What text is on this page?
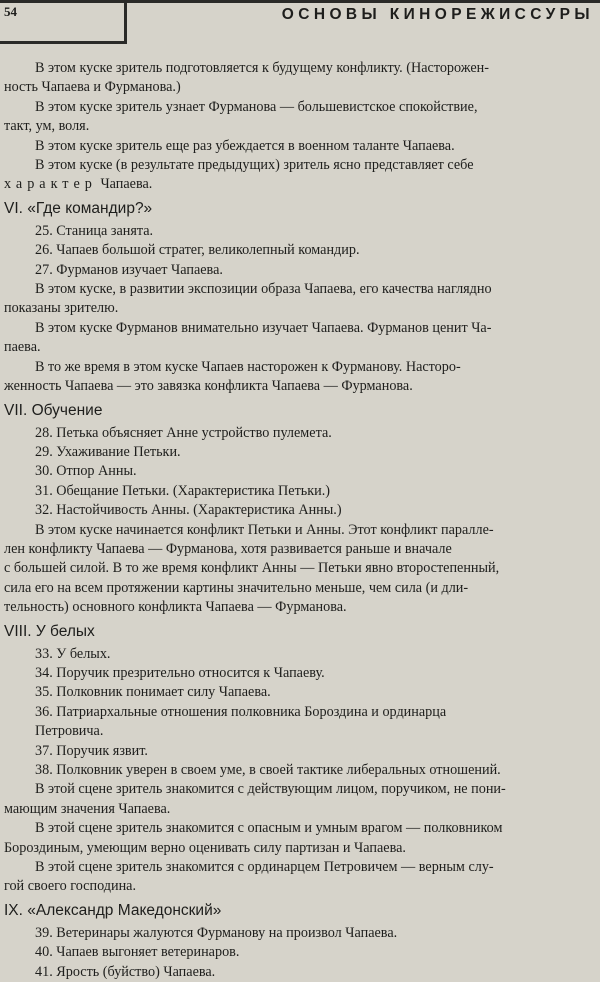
54	ОСНОВЫ КИНОРЕЖИССУРЫ

В этом куске зритель подготовляется к будущему конфликту. (Насторожен-
ность Чапаева и Фурманова.)

В этом куске зритель узнает Фурманова — большевистское спокойствие,
такт, ум, воля.

В этом куске зритель еще раз убеждается в военном таланте Чапаева.

В этом куске (в результате предыдущих) зритель ясно представляет себе
характер Чапаева.

VI. «Где командир?»

25. Станица занята.

26. Чапаев большой стратег, великолепный командир.

27. Фурманов изучает Чапаева.

В этом куске, в развитии экспозиции образа Чапаева, его качества наглядно
показаны зрителю.

В этом куске Фурманов внимательно изучает Чапаева. Фурманов ценит Ча-
паева.

В то же время в этом куске Чапаев насторожен к Фурманову. Насторо-
женность Чапаева — это завязка конфликта Чапаева — Фурманова.

VII. Обучение

28. Петька объясняет Анне устройство пулемета.

29. Ухаживание Петьки.

30. Отпор Анны.

31. Обещание Петьки. (Характеристика Петьки.)

32. Настойчивость Анны. (Характеристика Анны.)

В этом куске начинается конфликт Петьки и Анны. Этот конфликт паралле-
лен конфликту Чапаева — Фурманова, хотя развивается раньше и вначале
с большей силой. В то же время конфликт Анны — Петьки явно второстепенный,
сила его на всем протяжении картины значительно меньше, чем сила (и дли-
тельность) основного конфликта Чапаева — Фурманова.

VIII. У белых

33. У белых.

34. Поручик презрительно относится к Чапаеву.

35. Полковник понимает силу Чапаева.

36. Патриархальные отношения полковника Бороздина и ординарца
Петровича.

37. Поручик язвит.

38. Полковник уверен в своем уме, в своей тактике либеральных отношений.

В этой сцене зритель знакомится с действующим лицом, поручиком, не пони-
мающим значения Чапаева.

В этой сцене зритель знакомится с опасным и умным врагом — полковником
Бороздиным, умеющим верно оценивать силу партизан и Чапаева.

В этой сцене зритель знакомится с ординарцем Петровичем — верным слу-
гой своего господина.

IX. «Александр Македонский»

39. Ветеринары жалуются Фурманову на произвол Чапаева.

40. Чапаев выгоняет ветеринаров.

41. Ярость (буйство) Чапаева.
